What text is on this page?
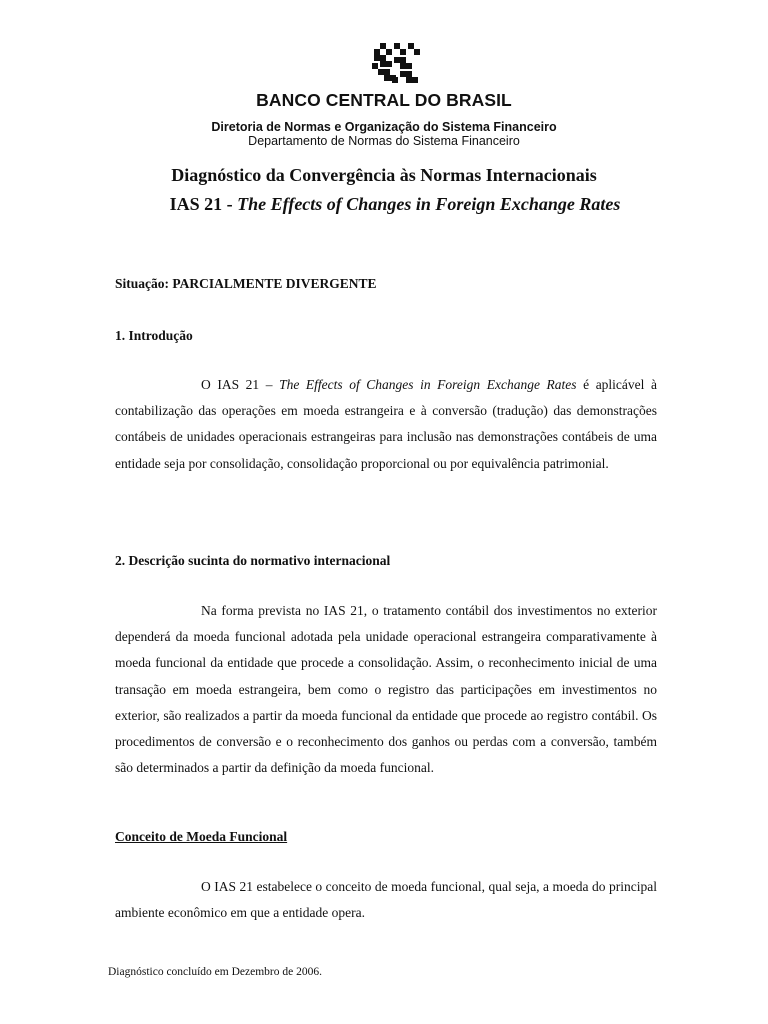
BANCO CENTRAL DO BRASIL
Diretoria de Normas e Organização do Sistema Financeiro
Departamento de Normas do Sistema Financeiro
Diagnóstico da Convergência às Normas Internacionais
IAS 21 - The Effects of Changes in Foreign Exchange Rates
Situação: PARCIALMENTE DIVERGENTE
1. Introdução

O IAS 21 – The Effects of Changes in Foreign Exchange Rates é aplicável à contabilização das operações em moeda estrangeira e à conversão (tradução) das demonstrações contábeis de unidades operacionais estrangeiras para inclusão nas demonstrações contábeis de uma entidade seja por consolidação, consolidação proporcional ou por equivalência patrimonial.

2. Descrição sucinta do normativo internacional

Na forma prevista no IAS 21, o tratamento contábil dos investimentos no exterior dependerá da moeda funcional adotada pela unidade operacional estrangeira comparativamente à moeda funcional da entidade que procede a consolidação. Assim, o reconhecimento inicial de uma transação em moeda estrangeira, bem como o registro das participações em investimentos no exterior, são realizados a partir da moeda funcional da entidade que procede ao registro contábil. Os procedimentos de conversão e o reconhecimento dos ganhos ou perdas com a conversão, também são determinados a partir da definição da moeda funcional.

Conceito de Moeda Funcional

O IAS 21 estabelece o conceito de moeda funcional, qual seja, a moeda do principal ambiente econômico em que a entidade opera.

Diagnóstico concluído em Dezembro de 2006.
